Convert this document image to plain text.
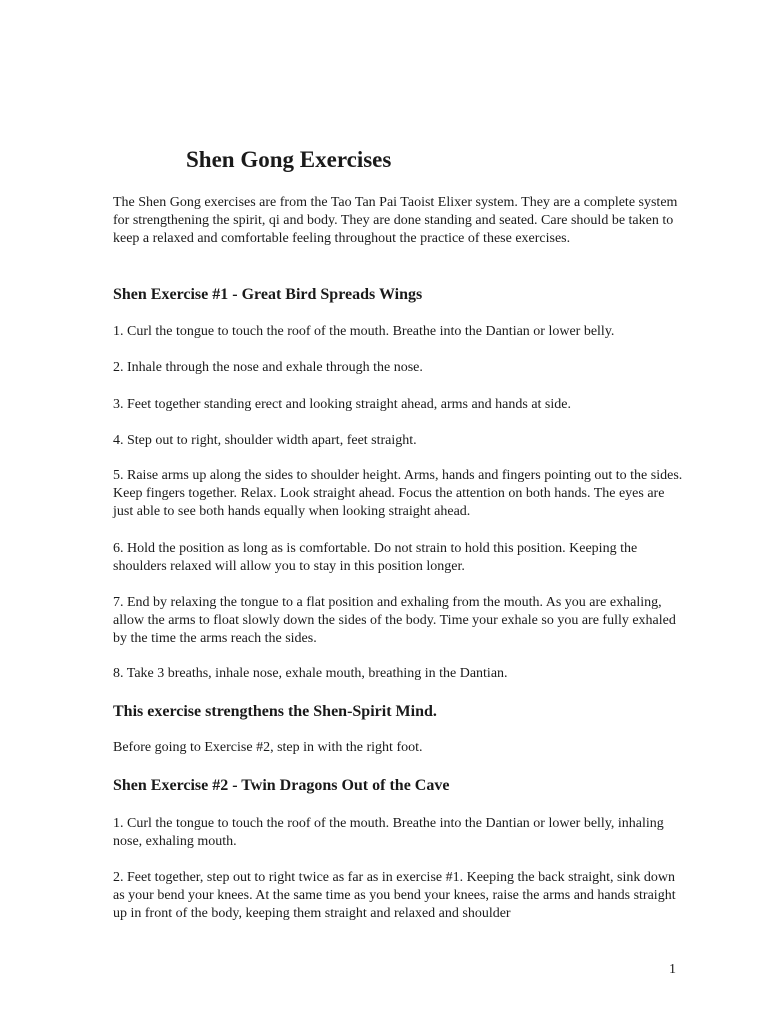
Shen Gong Exercises

The Shen Gong exercises are from the Tao Tan Pai Taoist Elixer system. They are a complete system for strengthening the spirit, qi and body. They are done standing and seated. Care should be taken to keep a relaxed and comfortable feeling throughout the practice of these exercises.

Shen Exercise #1 - Great Bird Spreads Wings

1. Curl the tongue to touch the roof of the mouth. Breathe into the Dantian or lower belly.

2. Inhale through the nose and exhale through the nose.

3. Feet together standing erect and looking straight ahead, arms and hands at side.

4. Step out to right, shoulder width apart, feet straight.

5. Raise arms up along the sides to shoulder height. Arms, hands and fingers pointing out to the sides. Keep fingers together. Relax. Look straight ahead. Focus the attention on both hands. The eyes are just able to see both hands equally when looking straight ahead.

6. Hold the position as long as is comfortable. Do not strain to hold this position. Keeping the shoulders relaxed will allow you to stay in this position longer.

7. End by relaxing the tongue to a flat position and exhaling from the mouth. As you are exhaling, allow the arms to float slowly down the sides of the body. Time your exhale so you are fully exhaled by the time the arms reach the sides.

8. Take 3 breaths, inhale nose, exhale mouth, breathing in the Dantian.

This exercise strengthens the Shen-Spirit Mind.

Before going to Exercise #2, step in with the right foot.

Shen Exercise #2 - Twin Dragons Out of the Cave

1. Curl the tongue to touch the roof of the mouth. Breathe into the Dantian or lower belly, inhaling nose, exhaling mouth.

2. Feet together, step out to right twice as far as in exercise #1. Keeping the back straight, sink down as your bend your knees. At the same time as you bend your knees, raise the arms and hands straight up in front of the body, keeping them straight and relaxed and shoulder

1
